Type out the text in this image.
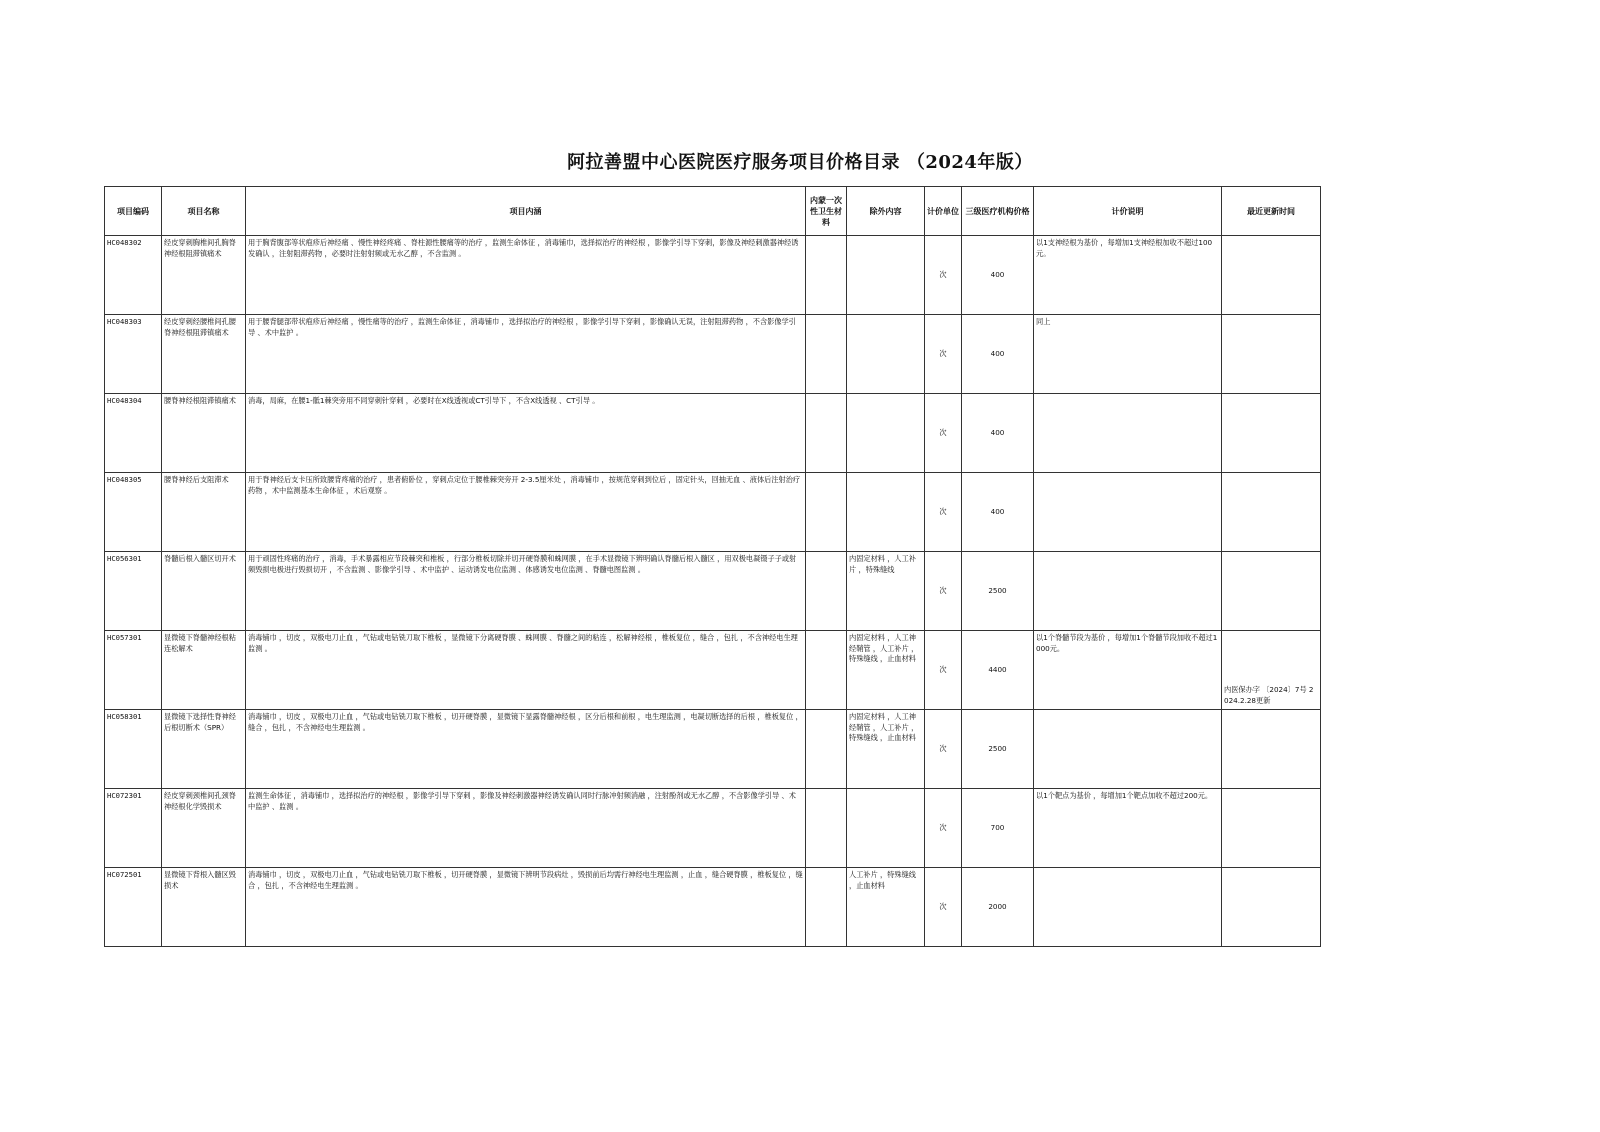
阿拉善盟中心医院医疗服务项目价格目录 （2024年版）
项目编码	项目名称	项目内涵	内蒙一次性卫生材料	除外内容	计价单位	三级医疗机构价格	计价说明	最近更新时间
HC048302	经皮穿刺胸椎间孔胸脊神经根阻滞镇痛术	用于胸背腹部等状疱疹后神经痛 、慢性神经疼痛 、脊柱源性腰痛等的治疗 ，监测生命体征 ，消毒铺巾，选择拟治疗的神经根 ，影像学引导下穿刺，影像及神经刺激器神经诱发确认 ，注射阻滞药物 ，必要时注射射频或无水乙醇 ，不含监测 。			次	400	以1支神经根为基价 ，每增加1支神经根加收不超过100元。	
HC048303	经皮穿刺经腰椎间孔腰脊神经根阻滞镇痛术	用于腰背腿部带状疱疹后神经痛 ，慢性痛等的治疗 ，监测生命体征 ，消毒铺巾 ，选择拟治疗的神经根 ，影像学引导下穿刺 ，影像确认无误，注射阻滞药物 ，不含影像学引导 、术中监护 。			次	400	同上	
HC048304	腰脊神经根阻滞镇痛术	消毒，局麻，在腰1-骶1棘突旁用不同穿刺针穿刺 ，必要时在X线透视或CT引导下 ，不含X线透视 、CT引导 。			次	400		
HC048305	腰脊神经后支阻滞术	用于脊神经后支卡压所致腰背疼痛的治疗 ，患者俯卧位 ，穿刺点定位于腰椎棘突旁开 2-3.5厘米处 ，消毒铺巾 ，按规范穿刺到位后 ，固定针头，回抽无血 、液体后注射治疗药物 ，术中监测基本生命体征 ，术后观察 。			次	400		
HC056301	脊髓后根入髓区切开术	用于顽固性疼痛的治疗 ，消毒，手术暴露相应节段棘突和椎板 ，行部分椎板切除并切开硬脊膜和蛛网膜 ，在手术显微镜下辨明确认脊髓后根入髓区 ，用双极电凝镊子子或射频毁损电极进行毁损切开 ，不含监测 、影像学引导 、术中监护 、运动诱发电位监测 、体感诱发电位监测 、脊髓电图监测 。		内固定材料 ，人工补片 ，特殊缝线	次	2500		
HC057301	显微镜下脊髓神经根粘连松解术	消毒铺巾 ，切皮 ，双极电刀止血 ，气钻或电钻铣刀取下椎板 ，显微镜下分离硬脊膜 、蛛网膜 、脊髓之间的粘连 ，松解神经根 ，椎板复位 ，缝合 ，包扎 ，不含神经电生理监测 。		内固定材料 ，人工神经鞘管 ，人工补片 ，特殊缝线 ，止血材料	次	4400	以1个脊髓节段为基价 ，每增加1个脊髓节段加收不超过1000元。	内医保办字 〔2024〕7号 2024.2.28更新

HC058301	显微镜下选择性脊神经后根切断术（SPR）	消毒铺巾 ，切皮 ，双极电刀止血 ，气钻或电钻铣刀取下椎板 ，切开硬脊膜 ，显微镜下显露脊髓神经根 ，区分后根和前根 ，电生理监测 ，电凝切断选择的后根 ，椎板复位 ，缝合 ，包扎 ，不含神经电生理监测 。		内固定材料 ，人工神经鞘管 ，人工补片 ，特殊缝线 ，止血材料	次	2500		
HC072301	经皮穿刺颈椎间孔颈脊神经根化学毁损术	监测生命体征 ，消毒铺巾 ，选择拟治疗的神经根 ，影像学引导下穿刺 ，影像及神经刺激器神经诱发确认同时行脉冲射频消融 ，注射酚剂或无水乙醇 ，不含影像学引导 、术中监护 、监测 。			次	700	以1个靶点为基价 ，每增加1个靶点加收不超过200元。	
HC072501	显微镜下背根入髓区毁损术	消毒铺巾 ，切皮 ，双极电刀止血 ，气钻或电钻铣刀取下椎板 ，切开硬脊膜 ，显微镜下辨明节段病灶 ，毁损前后均需行神经电生理监测 ，止血 ，缝合硬脊膜 ，椎板复位 ，缝合 ，包扎 ，不含神经电生理监测 。		人工补片 ，特殊缝线 ，止血材料	次	2000		
